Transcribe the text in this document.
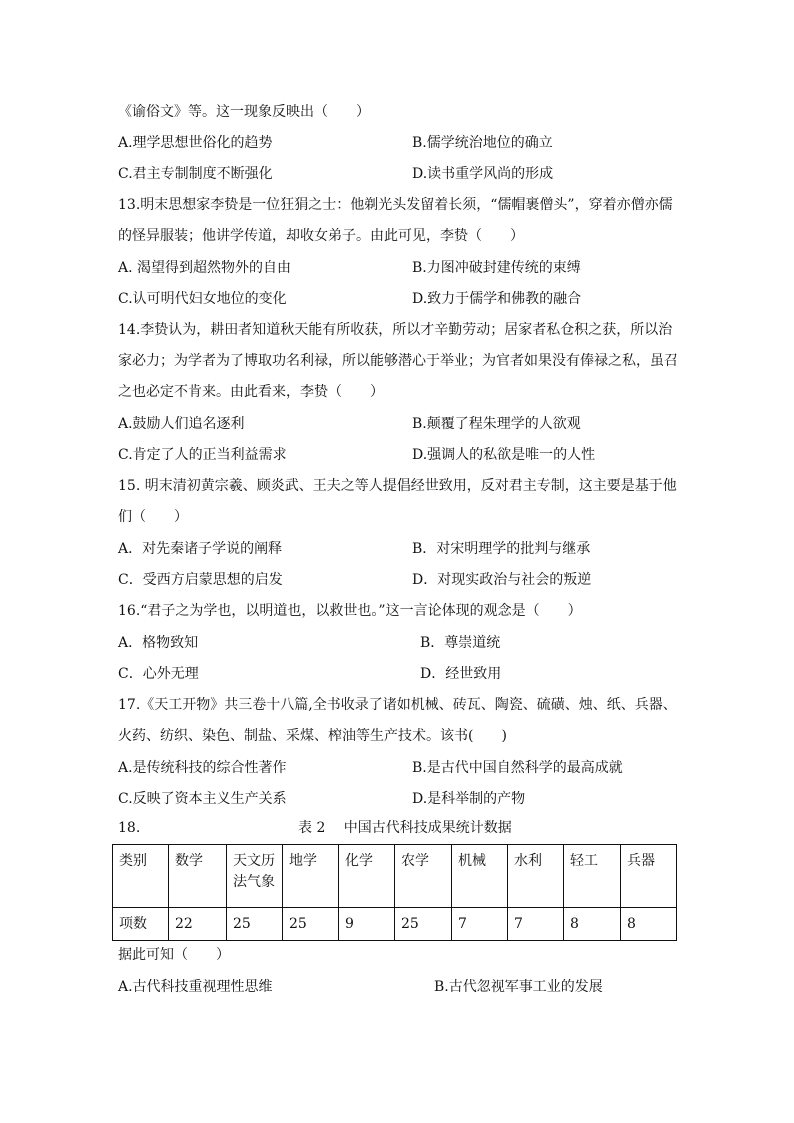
《谕俗文》等。这一现象反映出（　　）
A.理学思想世俗化的趋势	B.儒学统治地位的确立
C.君主专制制度不断强化	D.读书重学风尚的形成
13.明末思想家李贽是一位狂狷之士：他剃光头发留着长须，“儒帽裹僧头”，穿着亦僧亦儒
的怪异服装；他讲学传道，却收女弟子。由此可见，李贽（　　）
A. 渴望得到超然物外的自由	B.力图冲破封建传统的束缚
C.认可明代妇女地位的变化	D.致力于儒学和佛教的融合
14.李贽认为，耕田者知道秋天能有所收获，所以才辛勤劳动；居家者私仓积之获，所以治
家必力；为学者为了博取功名利禄，所以能够潜心于举业；为官者如果没有俸禄之私，虽召
之也必定不肯来。由此看来，李贽（　　）
A.鼓励人们追名逐利	B.颠覆了程朱理学的人欲观
C.肯定了人的正当利益需求	D.强调人的私欲是唯一的人性
15. 明末清初黄宗羲、顾炎武、王夫之等人提倡经世致用，反对君主专制，这主要是基于他
们（　　）
A．对先秦诸子学说的阐释	B．对宋明理学的批判与继承
C．受西方启蒙思想的启发	D．对现实政治与社会的叛逆
16.“君子之为学也，以明道也，以救世也。”这一言论体现的观念是（　　）
A．格物致知	B．尊崇道统
C．心外无理	D．经世致用
17.《天工开物》共三卷十八篇,全书收录了诸如机械、砖瓦、陶瓷、硫磺、烛、纸、兵器、
火药、纺织、染色、制盐、采煤、榨油等生产技术。该书(　　)
A.是传统科技的综合性著作	B.是古代中国自然科学的最高成就
C.反映了资本主义生产关系	D.是科举制的产物
18.	表 2　 中国古代科技成果统计数据
类别	数学	天文历
法气象	地学	化学	农学	机械	水利	轻工	兵器

项数	22	25	25	9	25	7	7	8	8
据此可知（　　）
A.古代科技重视理性思维	B.古代忽视军事工业的发展
